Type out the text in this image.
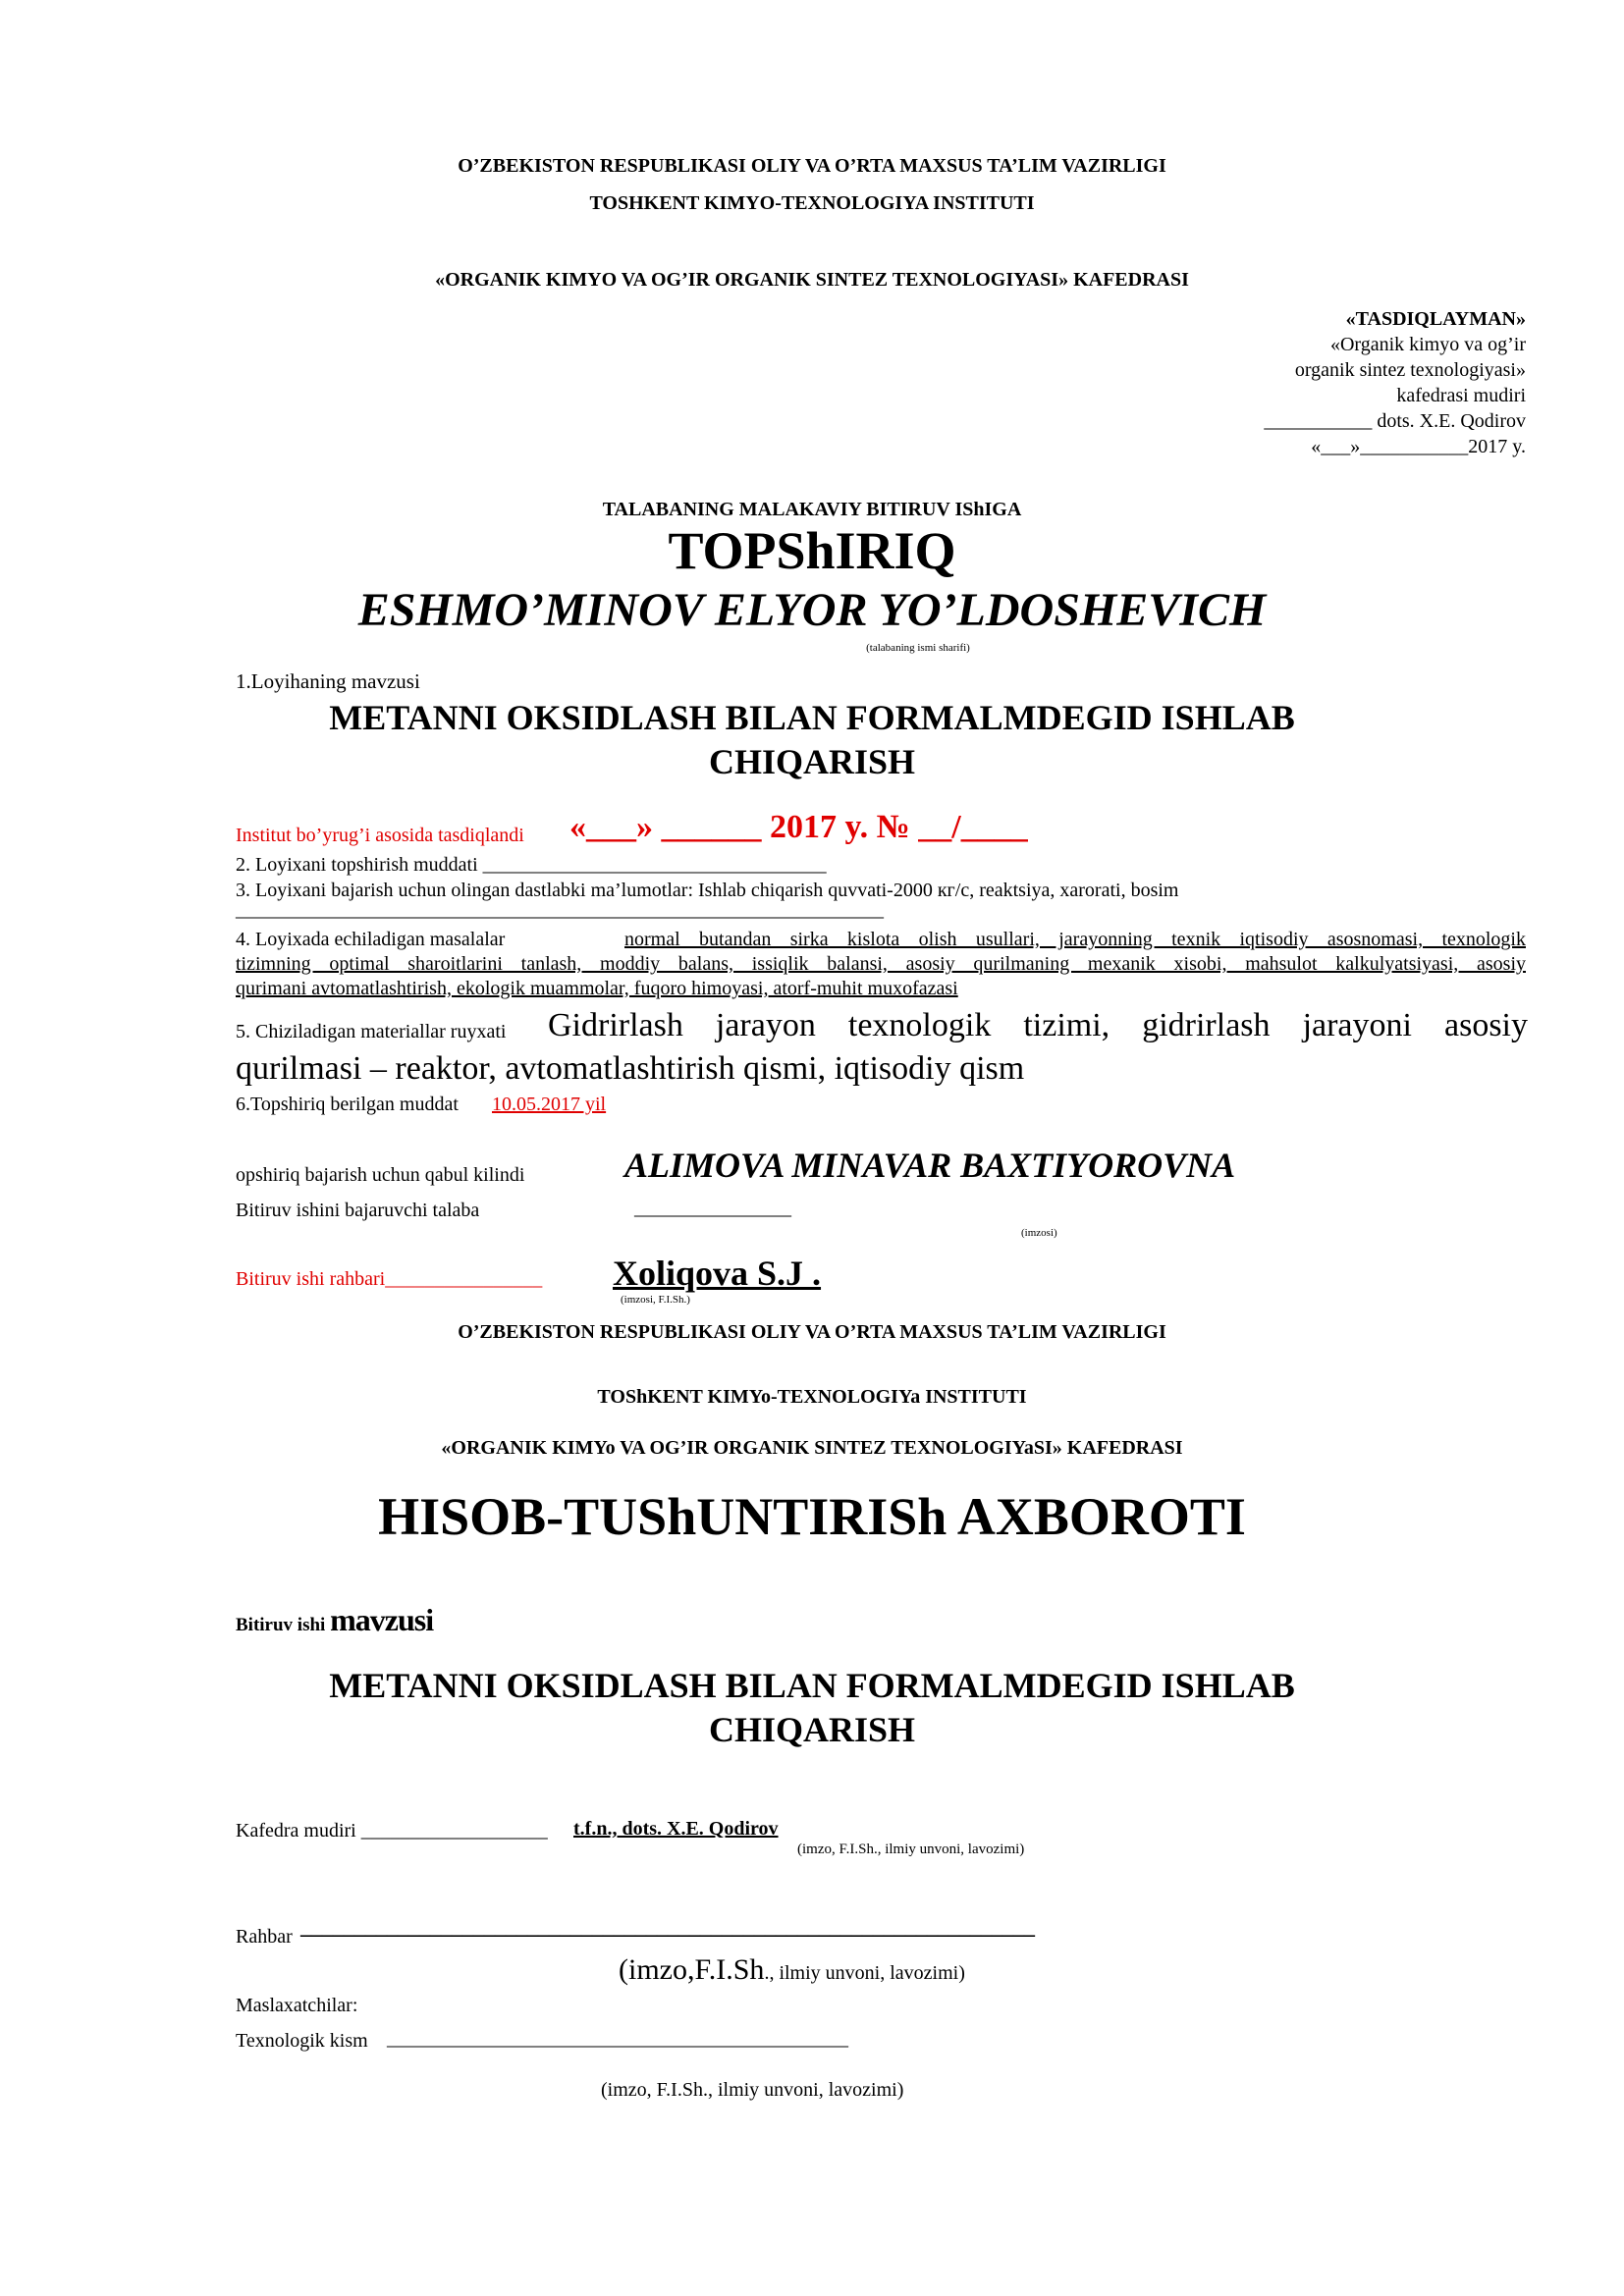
O’ZBEKISTON RESPUBLIKASI OLIY VA O’RTA MAXSUS TA’LIM VAZIRLIGI
TOSHKENT KIMYO-TEXNOLOGIYA INSTITUTI
«ORGANIK KIMYO VA OG’IR ORGANIK SINTEZ TEXNOLOGIYASI» KAFEDRASI
«TASDIQLAYMAN»
«Organik kimyo va og’ir
organik sintez texnologiyasi»
kafedrasi mudiri
___________ dots. X.E. Qodirov
«___»___________2017 y.
TALABANING MALAKAVIY BITIRUV IShIGA
TOPShIRIQ
ESHMO’MINOV ELYOR YO’LDOSHEVICH
(talabaning ismi sharifi)
1.Loyihaning mavzusi
METANNI OKSIDLASH BILAN FORMALMDEGID ISHLAB
CHIQARISH
Institut bo’yrug’i asosida tasdiqlandi «___» ______ 2017 y. № __/____
2. Loyixani topshirish muddati ___________________________________
3. Loyixani bajarish uchun olingan dastlabki ma’lumotlar: Ishlab chiqarish quvvati-2000 кг/с, reaktsiya, xarorati, bosim
__________________________________________________________________
4. Loyixada echiladigan masalalar	normal butandan sirka kislota olish usullari, jarayonning texnik iqtisodiy asosnomasi, texnologik
tizimning optimal sharoitlarini tanlash, moddiy balans, issiqlik balansi, asosiy qurilmaning mexanik xisobi, mahsulot kalkulyatsiyasi, asosiy
qurimani avtomatlashtirish, ekologik muammolar, fuqoro himoyasi, atorf-muhit muxofazasi
5. Chiziladigan materiallar ruyxati Gidrirlash jarayon texnologik tizimi, gidrirlash jarayoni asosiy
qurilmasi – reaktor, avtomatlashtirish qismi, iqtisodiy qism
6.Topshiriq berilgan muddat 10.05.2017 yil
opshiriq bajarish uchun qabul kilindi	ALIMOVA MINAVAR BAXTIYOROVNA
Bitiruv ishini bajaruvchi talaba	________________
(imzosi)
Bitiruv ishi rahbari________________ Xoliqova S.J .
(imzosi, F.I.Sh.)
O’ZBEKISTON RESPUBLIKASI OLIY VA O’RTA MAXSUS TA’LIM VAZIRLIGI
TOShKENT KIMYo-TEXNOLOGIYa INSTITUTI
«ORGANIK KIMYo VA OG’IR ORGANIK SINTEZ TEXNOLOGIYaSI» KAFEDRASI
HISOB-TUShUNTIRISh AXBOROTI
Bitiruv ishi mavzusi
METANNI OKSIDLASH BILAN FORMALMDEGID ISHLAB
CHIQARISH
Kafedra mudiri ___________________ t.f.n., dots. X.E. Qodirov
(imzo, F.I.Sh., ilmiy unvoni, lavozimi)
Rahbar ____________________________________________________________________
(imzo,F.I.Sh., ilmiy unvoni, lavozimi)
Maslaxatchilar:
Texnologik kism _______________________________________________
(imzo, F.I.Sh., ilmiy unvoni, lavozimi)
